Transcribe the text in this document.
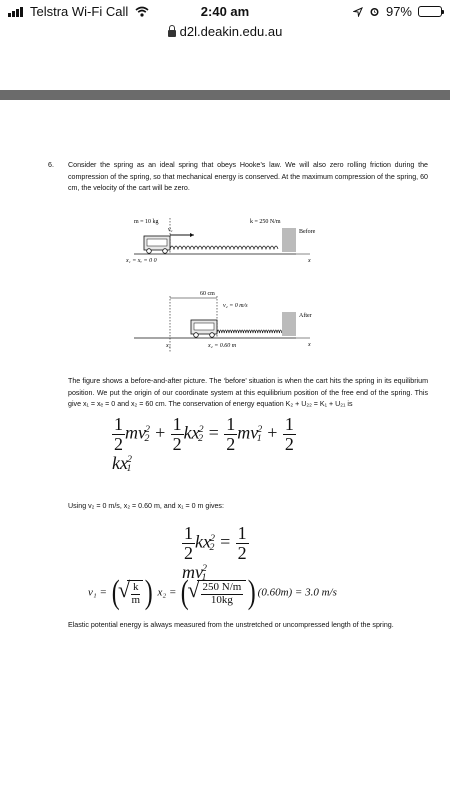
Telstra Wi-Fi Call	2:40 am	97%
d2l.deakin.edu.au
6. Consider the spring as an ideal spring that obeys Hooke’s law. We will also zero rolling friction during the compression of the spring, so that mechanical energy is conserved. At the maximum compression of the spring, 60 cm, the velocity of the cart will be zero.
m = 10 kg	k = 250 N/m
Before
v₁
x
x₁ = xₑ = 0 0
60 cm
v₂ = 0 m/s
After
x
x₁	x₂ = 0.60 m
The figure shows a before-and-after picture. The ‘before’ situation is when the cart hits the spring in its equilibrium position. We put the origin of our coordinate system at this equilibrium position of the free end of the spring. This give x₁ = xₑ = 0 and x₂ = 60 cm. The conservation of energy equation K₂ + U₂₂ = K₁ + U₂₁ is
$\frac{1}{2} mv^2_2 + \frac{1}{2} kx^2_2 = \frac{1}{2} mv^2_1 + \frac{1}{2}$
$kx^2_1$
Using v₂ = 0 m/s, x₂ = 0.60 m, and x₁ = 0 m gives:
$\frac{1}{2} kx^2_2 = \frac{1}{2}$
$mv^2_1$
v₁ = ( √ $\frac{k}{m}$ ) x₂ = ( √ $\frac{250 N/m}{10kg}$ ) (0.60m) = 3.0 m/s
Elastic potential energy is always measured from the unstretched or uncompressed length of the spring.
